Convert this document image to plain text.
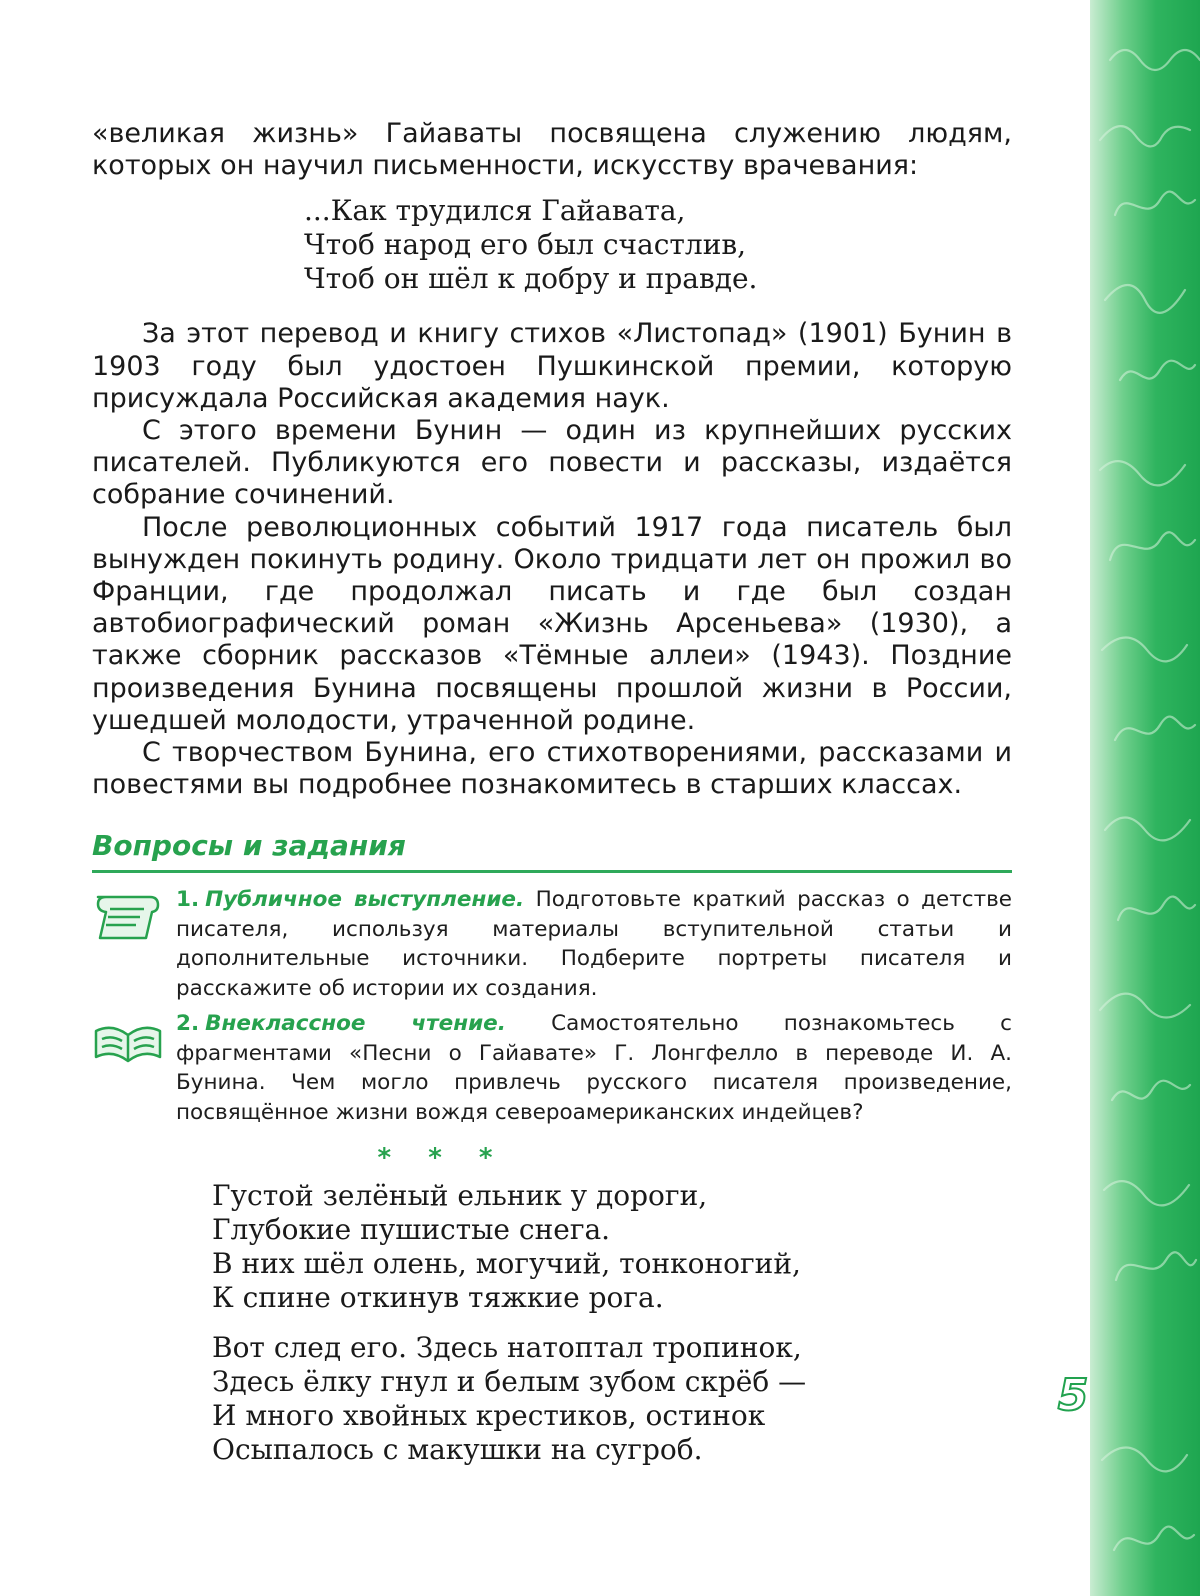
5

«великая жизнь» Гайаваты посвящена служению людям, которых он научил письменности, искусству врачевания:

...Как трудился Гайавата,
Чтоб народ его был счастлив,
Чтоб он шёл к добру и правде.

За этот перевод и книгу стихов «Листопад» (1901) Бунин в 1903 году был удостоен Пушкинской премии, которую присуждала Российская академия наук.

С этого времени Бунин — один из крупнейших русских писателей. Публикуются его повести и рассказы, издаётся собрание сочинений.

После революционных событий 1917 года писатель был вынужден покинуть родину. Около тридцати лет он прожил во Франции, где продолжал писать и где был создан автобиографический роман «Жизнь Арсеньева» (1930), а также сборник рассказов «Тёмные аллеи» (1943). Поздние произведения Бунина посвящены прошлой жизни в России, ушедшей молодости, утраченной родине.

С творчеством Бунина, его стихотворениями, рассказами и повестями вы подробнее познакомитесь в старших классах.

Вопросы и задания
1. Публичное выступление. Подготовьте краткий рассказ о детстве писателя, используя материалы вступительной статьи и дополнительные источники. Подберите портреты писателя и расскажите об истории их создания.
2. Внеклассное чтение. Самостоятельно познакомьтесь с фрагментами «Песни о Гайавате» Г. Лонгфелло в переводе И. А. Бунина. Чем могло привлечь русского писателя произведение, посвящённое жизни вождя североамериканских индейцев?
* * *
Густой зелёный ельник у дороги,
Глубокие пушистые снега.
В них шёл олень, могучий, тонконогий,
К спине откинув тяжкие рога.
Вот след его. Здесь натоптал тропинок,
Здесь ёлку гнул и белым зубом скрёб —
И много хвойных крестиков, остинок
Осыпалось с макушки на сугроб.
